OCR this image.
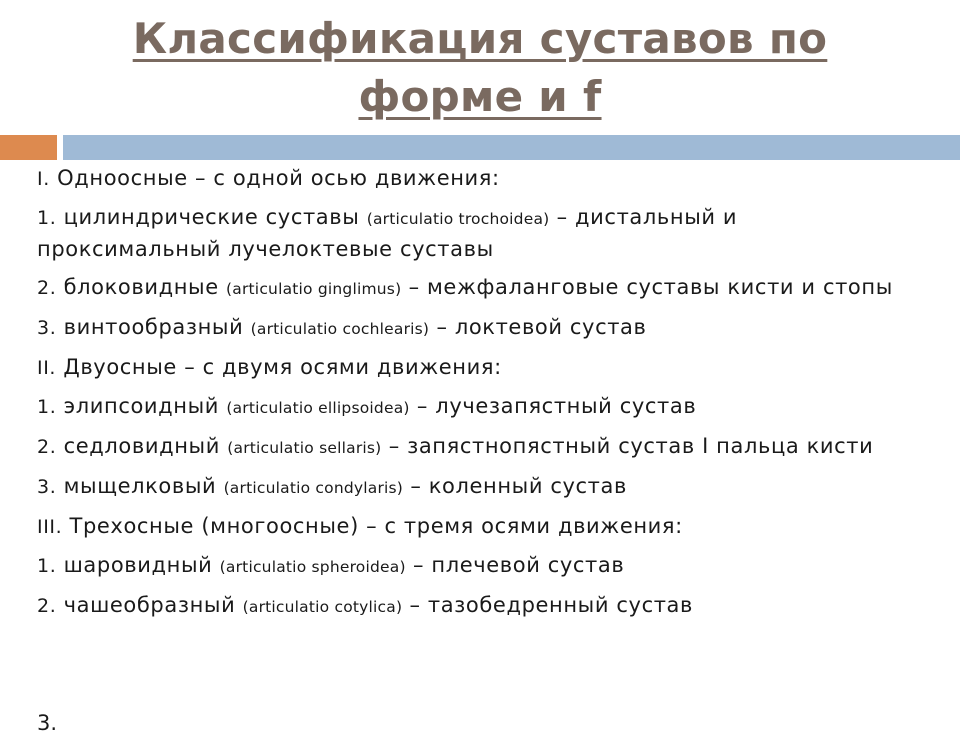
Классификация суставов по
форме и f
I. Одноосные – с одной осью движения:
1. цилиндрические суставы (articulatio trochoidea) – дистальный и проксимальный лучелоктевые суставы
2. блоковидные (articulatio ginglimus) – межфаланговые суставы кисти и стопы
3. винтообразный (articulatio cochlearis) – локтевой сустав
II. Двуосные – с двумя осями движения:
1. элипсоидный (articulatio ellipsoidea) – лучезапястный сустав
2. седловидный (articulatio sellaris) – запястнопястный сустав I пальца кисти
3. мыщелковый (articulatio condylaris) – коленный сустав
III. Трехосные (многоосные) – с тремя осями движения:
1. шаровидный (articulatio spheroidea) – плечевой сустав
2. чашеобразный (articulatio cotylica) – тазобедренный сустав
3.
